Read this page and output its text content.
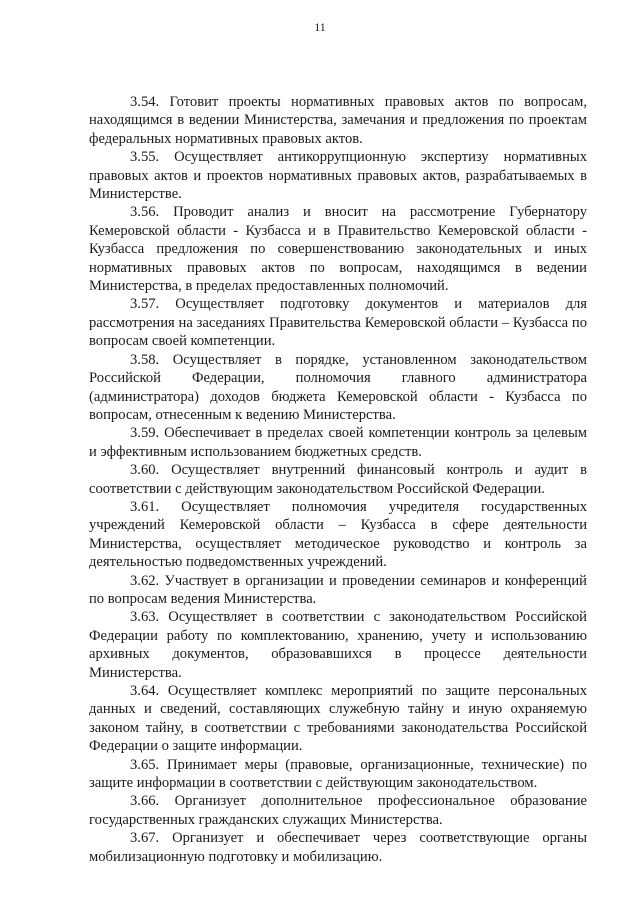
11

3.54. Готовит проекты нормативных правовых актов по вопросам, находящимся в ведении Министерства, замечания и предложения по проектам федеральных нормативных правовых актов.

3.55. Осуществляет антикоррупционную экспертизу нормативных правовых актов и проектов нормативных правовых актов, разрабатываемых в Министерстве.

3.56. Проводит анализ и вносит на рассмотрение Губернатору Кемеровской области - Кузбасса и в Правительство Кемеровской области - Кузбасса предложения по совершенствованию законодательных и иных нормативных правовых актов по вопросам, находящимся в ведении Министерства, в пределах предоставленных полномочий.

3.57. Осуществляет подготовку документов и материалов для рассмотрения на заседаниях Правительства Кемеровской области – Кузбасса по вопросам своей компетенции.

3.58. Осуществляет в порядке, установленном законодательством Российской Федерации, полномочия главного администратора (администратора) доходов бюджета Кемеровской области - Кузбасса по вопросам, отнесенным к ведению Министерства.

3.59. Обеспечивает в пределах своей компетенции контроль за целевым и эффективным использованием бюджетных средств.

3.60. Осуществляет внутренний финансовый контроль и аудит в соответствии с действующим законодательством Российской Федерации.

3.61. Осуществляет полномочия учредителя государственных учреждений Кемеровской области – Кузбасса в сфере деятельности Министерства, осуществляет методическое руководство и контроль за деятельностью подведомственных учреждений.

3.62. Участвует в организации и проведении семинаров и конференций по вопросам ведения Министерства.

3.63. Осуществляет в соответствии с законодательством Российской Федерации работу по комплектованию, хранению, учету и использованию архивных документов, образовавшихся в процессе деятельности Министерства.

3.64. Осуществляет комплекс мероприятий по защите персональных данных и сведений, составляющих служебную тайну и иную охраняемую законом тайну, в соответствии с требованиями законодательства Российской Федерации о защите информации.

3.65. Принимает меры (правовые, организационные, технические) по защите информации в соответствии с действующим законодательством.

3.66. Организует дополнительное профессиональное образование государственных гражданских служащих Министерства.

3.67. Организует и обеспечивает через соответствующие органы мобилизационную подготовку и мобилизацию.
